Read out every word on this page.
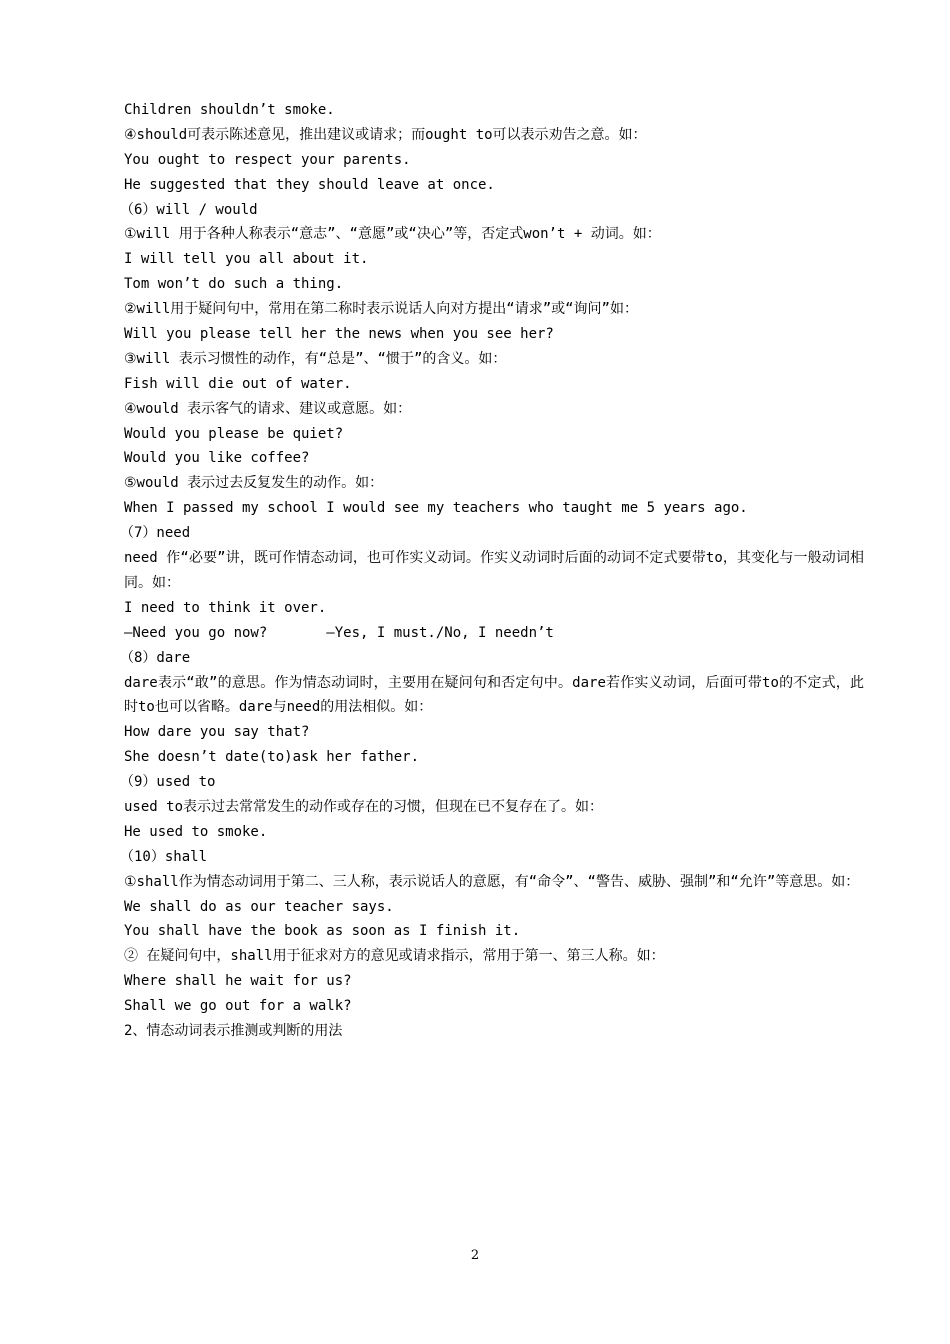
Children shouldn’t smoke.
④should可表示陈述意见，推出建议或请求；而ought to可以表示劝告之意。如：
You ought to respect your parents.
He suggested that they should leave at once.
（6）will / would
①will 用于各种人称表示“意志”、“意愿”或“决心”等，否定式won’t + 动词。如：
I will tell you all about it.
Tom won’t do such a thing.
②will用于疑问句中，常用在第二称时表示说话人向对方提出“请求”或“询问”如：
Will you please tell her the news when you see her?
③will 表示习惯性的动作，有“总是”、“惯于”的含义。如：
Fish will die out of water.
④would 表示客气的请求、建议或意愿。如：
Would you please be quiet?
Would you like coffee?
⑤would 表示过去反复发生的动作。如：
When I passed my school I would see my teachers who taught me 5 years ago.
（7）need
need 作“必要”讲，既可作情态动词，也可作实义动词。作实义动词时后面的动词不定式要带to，其变化与一般动词相同。如：
I need to think it over.
—Need you go now?       —Yes, I must./No, I needn’t
（8）dare
dare表示“敢”的意思。作为情态动词时，主要用在疑问句和否定句中。dare若作实义动词，后面可带to的不定式，此时to也可以省略。dare与need的用法相似。如：
How dare you say that?
She doesn’t date(to)ask her father.
（9）used to
used to表示过去常常发生的动作或存在的习惯，但现在已不复存在了。如：
He used to smoke.
（10）shall
①shall作为情态动词用于第二、三人称，表示说话人的意愿，有“命令”、“警告、威胁、强制”和“允许”等意思。如：
We shall do as our teacher says.
You shall have the book as soon as I finish it.
② 在疑问句中，shall用于征求对方的意见或请求指示，常用于第一、第三人称。如：
Where shall he wait for us?
Shall we go out for a walk?
2、情态动词表示推测或判断的用法
2
